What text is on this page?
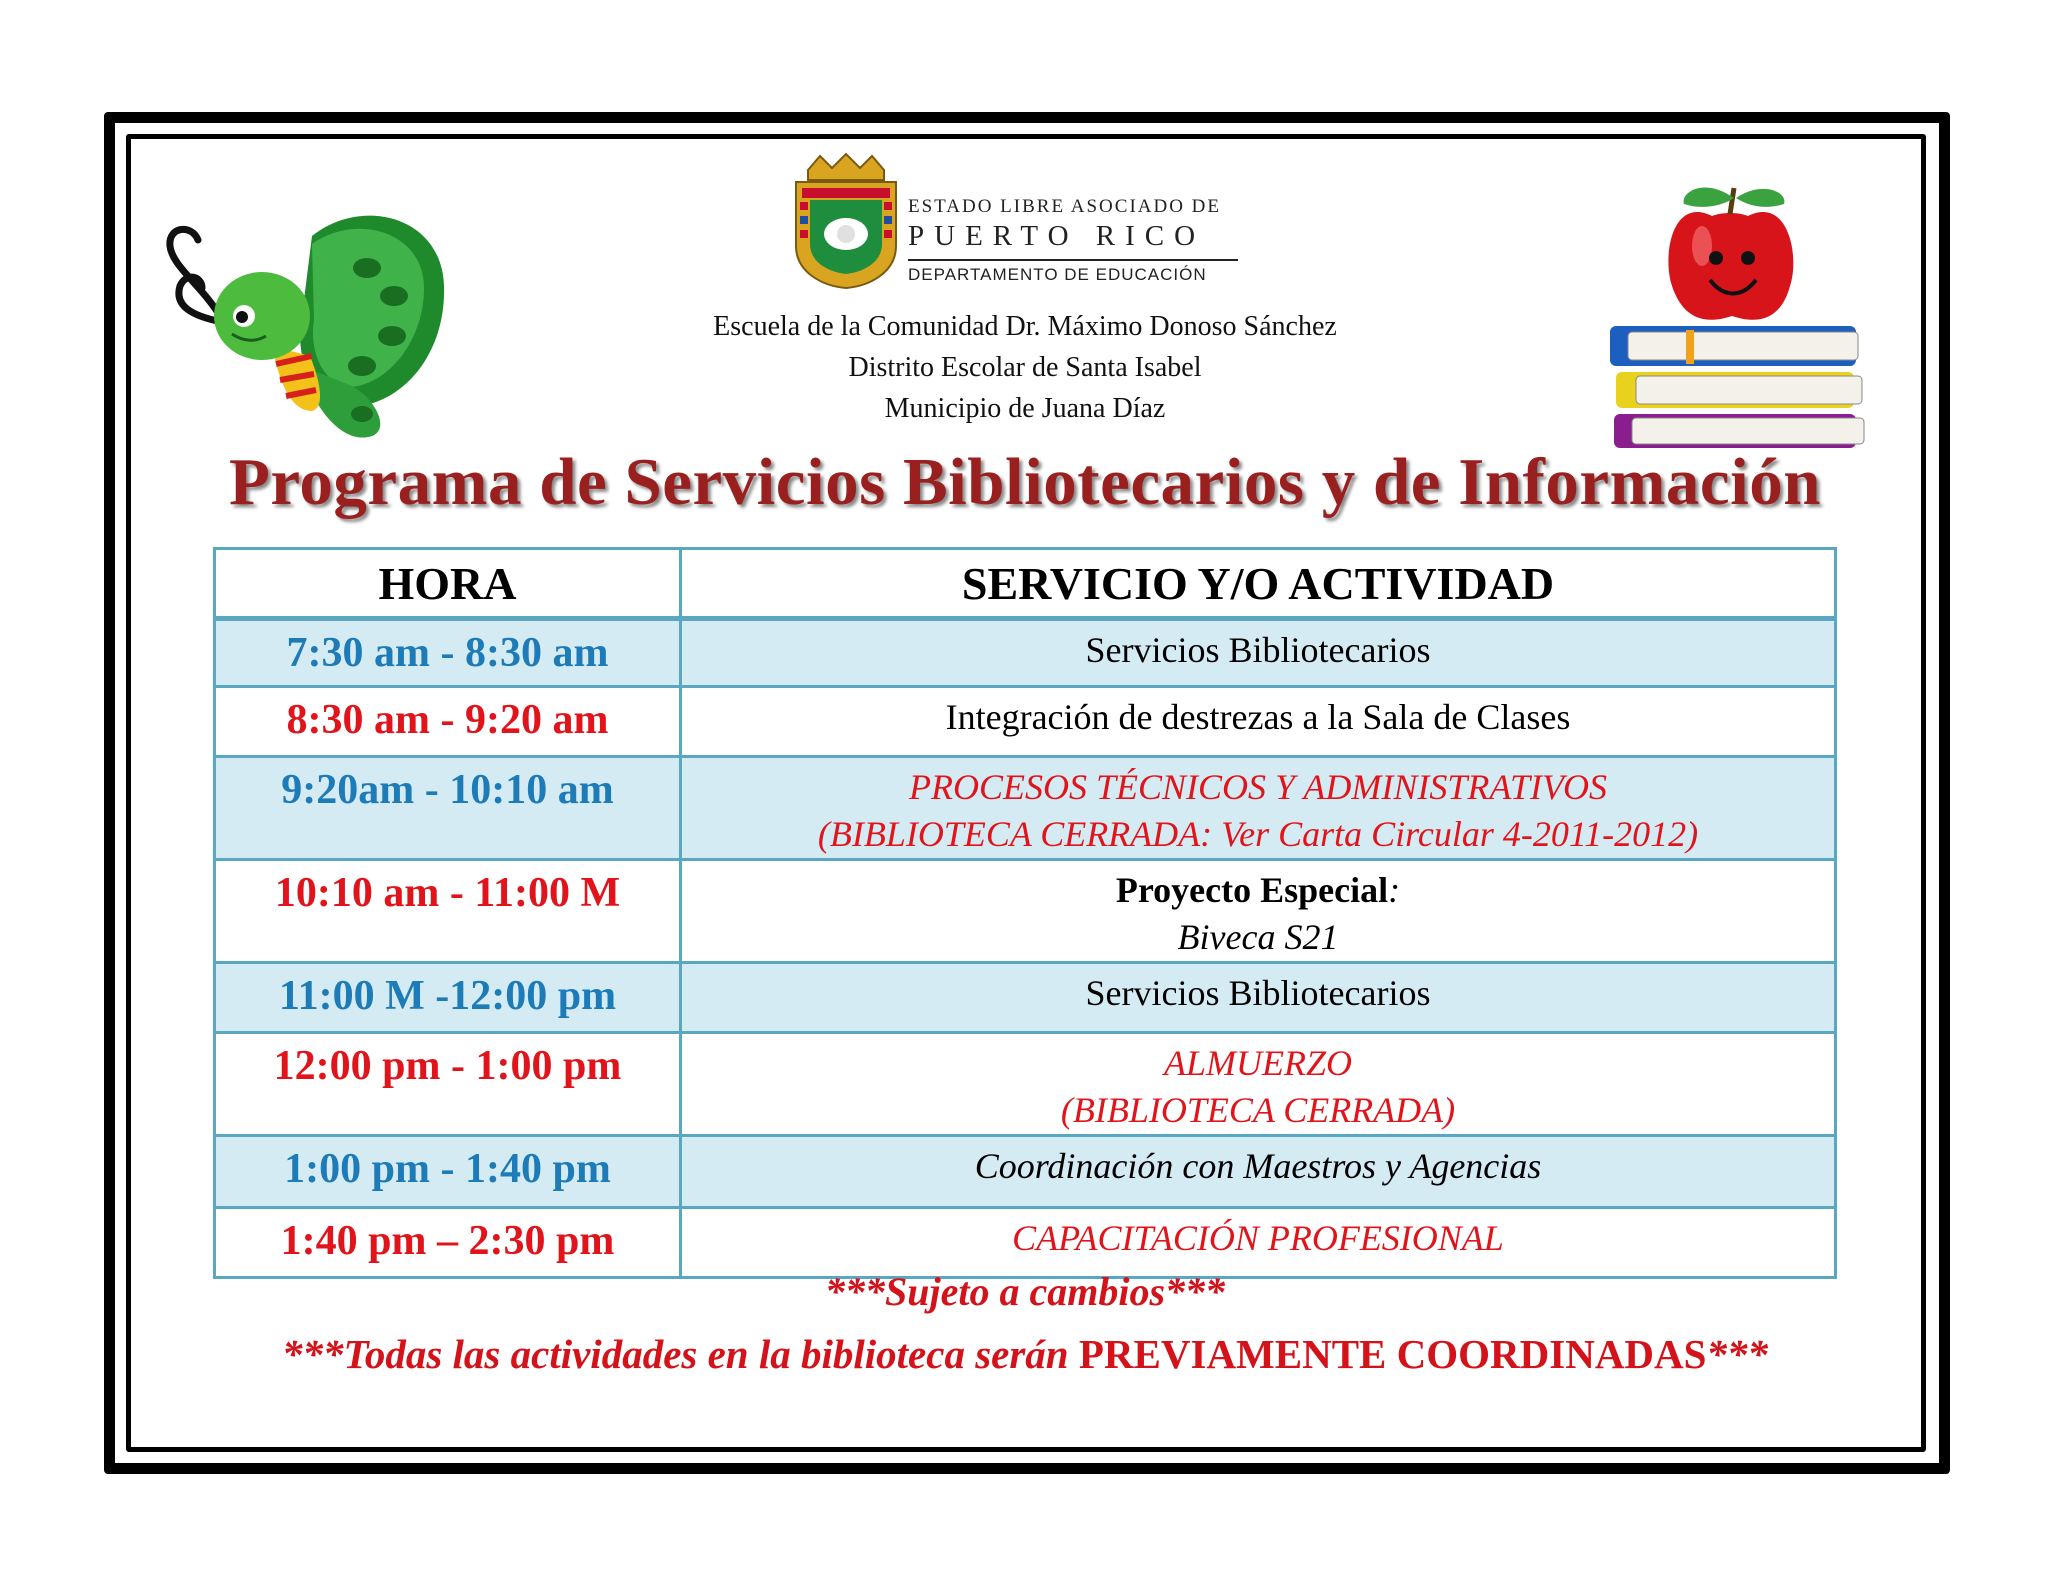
ESTADO LIBRE ASOCIADO DE
PUERTO RICO
DEPARTAMENTO DE EDUCACIÓN
Escuela de la Comunidad Dr. Máximo Donoso Sánchez
Distrito Escolar de Santa Isabel
Municipio de Juana Díaz
Programa de Servicios Bibliotecarios y de Información
HORA	SERVICIO Y/O ACTIVIDAD
7:30 am - 8:30 am	Servicios Bibliotecarios

8:30 am - 9:20 am	Integración de destrezas a la Sala de Clases

9:20am - 10:10 am	PROCESOS TÉCNICOS Y ADMINISTRATIVOS
(BIBLIOTECA CERRADA: Ver Carta Circular 4-2011-2012)

10:10 am - 11:00 M	Proyecto Especial:
Biveca S21

11:00 M -12:00 pm	Servicios Bibliotecarios

12:00 pm - 1:00 pm	ALMUERZO
(BIBLIOTECA CERRADA)

1:00 pm - 1:40 pm	Coordinación con Maestros y Agencias

1:40 pm – 2:30 pm	CAPACITACIÓN PROFESIONAL
***Sujeto a cambios***
***Todas las actividades en la biblioteca serán PREVIAMENTE COORDINADAS***
